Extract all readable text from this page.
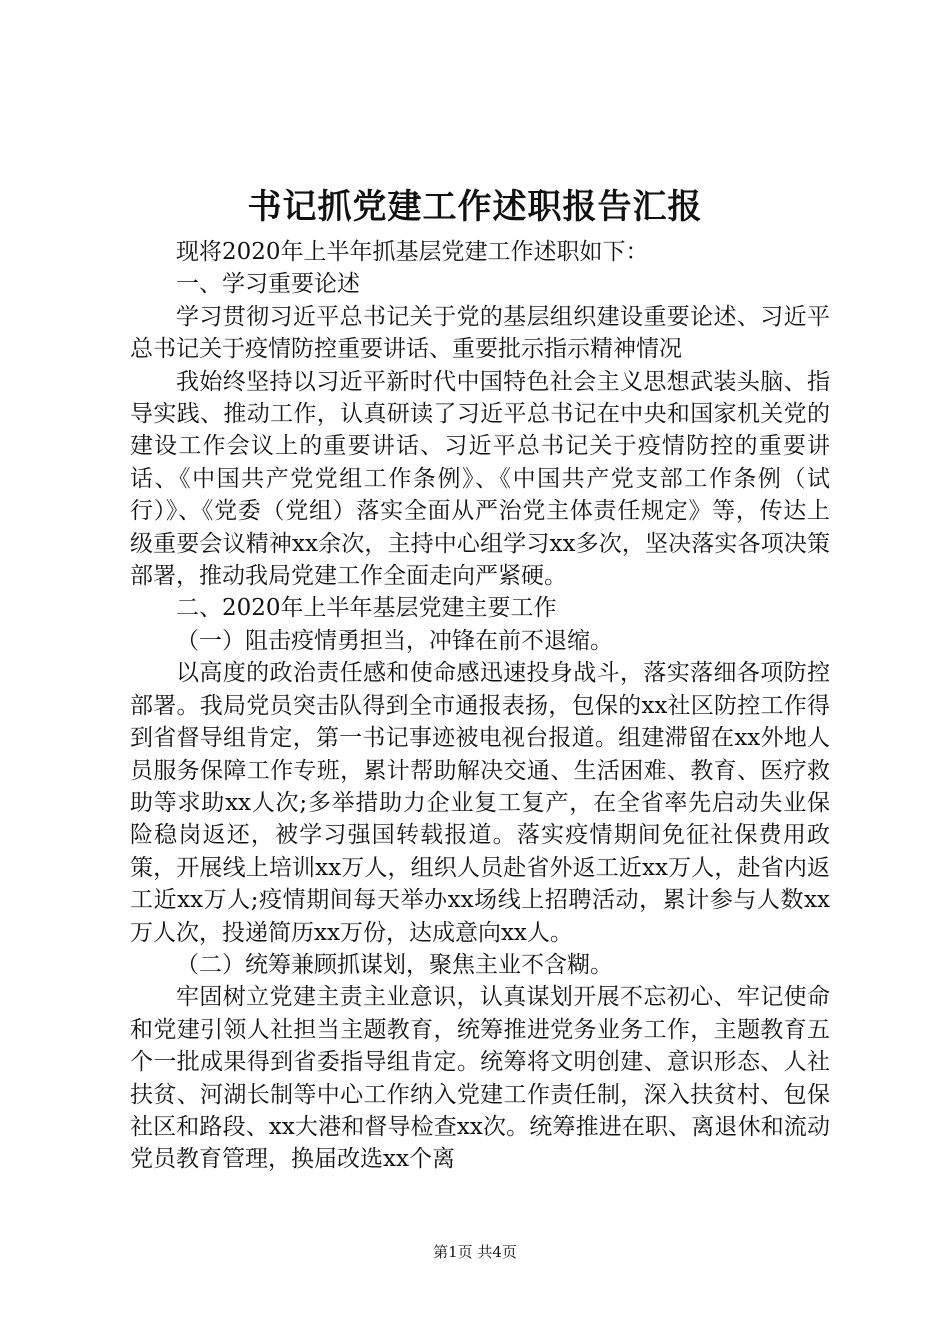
书记抓党建工作述职报告汇报

现将2020年上半年抓基层党建工作述职如下：

一、学习重要论述

学习贯彻习近平总书记关于党的基层组织建设重要论述、习近平总书记关于疫情防控重要讲话、重要批示指示精神情况

我始终坚持以习近平新时代中国特色社会主义思想武装头脑、指导实践、推动工作，认真研读了习近平总书记在中央和国家机关党的建设工作会议上的重要讲话、习近平总书记关于疫情防控的重要讲话、《中国共产党党组工作条例》、《中国共产党支部工作条例（试行）》、《党委（党组）落实全面从严治党主体责任规定》等，传达上级重要会议精神xx余次，主持中心组学习xx多次，坚决落实各项决策部署，推动我局党建工作全面走向严紧硬。

二、2020年上半年基层党建主要工作

（一）阻击疫情勇担当，冲锋在前不退缩。

以高度的政治责任感和使命感迅速投身战斗，落实落细各项防控部署。我局党员突击队得到全市通报表扬，包保的xx社区防控工作得到省督导组肯定，第一书记事迹被电视台报道。组建滞留在xx外地人员服务保障工作专班，累计帮助解决交通、生活困难、教育、医疗救助等求助xx人次;多举措助力企业复工复产，在全省率先启动失业保险稳岗返还，被学习强国转载报道。落实疫情期间免征社保费用政策，开展线上培训xx万人，组织人员赴省外返工近xx万人，赴省内返工近xx万人;疫情期间每天举办xx场线上招聘活动，累计参与人数xx万人次，投递简历xx万份，达成意向xx人。

（二）统筹兼顾抓谋划，聚焦主业不含糊。

牢固树立党建主责主业意识，认真谋划开展不忘初心、牢记使命和党建引领人社担当主题教育，统筹推进党务业务工作，主题教育五个一批成果得到省委指导组肯定。统筹将文明创建、意识形态、人社扶贫、河湖长制等中心工作纳入党建工作责任制，深入扶贫村、包保社区和路段、xx大港和督导检查xx次。统筹推进在职、离退休和流动党员教育管理，换届改选xx个离

第1页 共4页
